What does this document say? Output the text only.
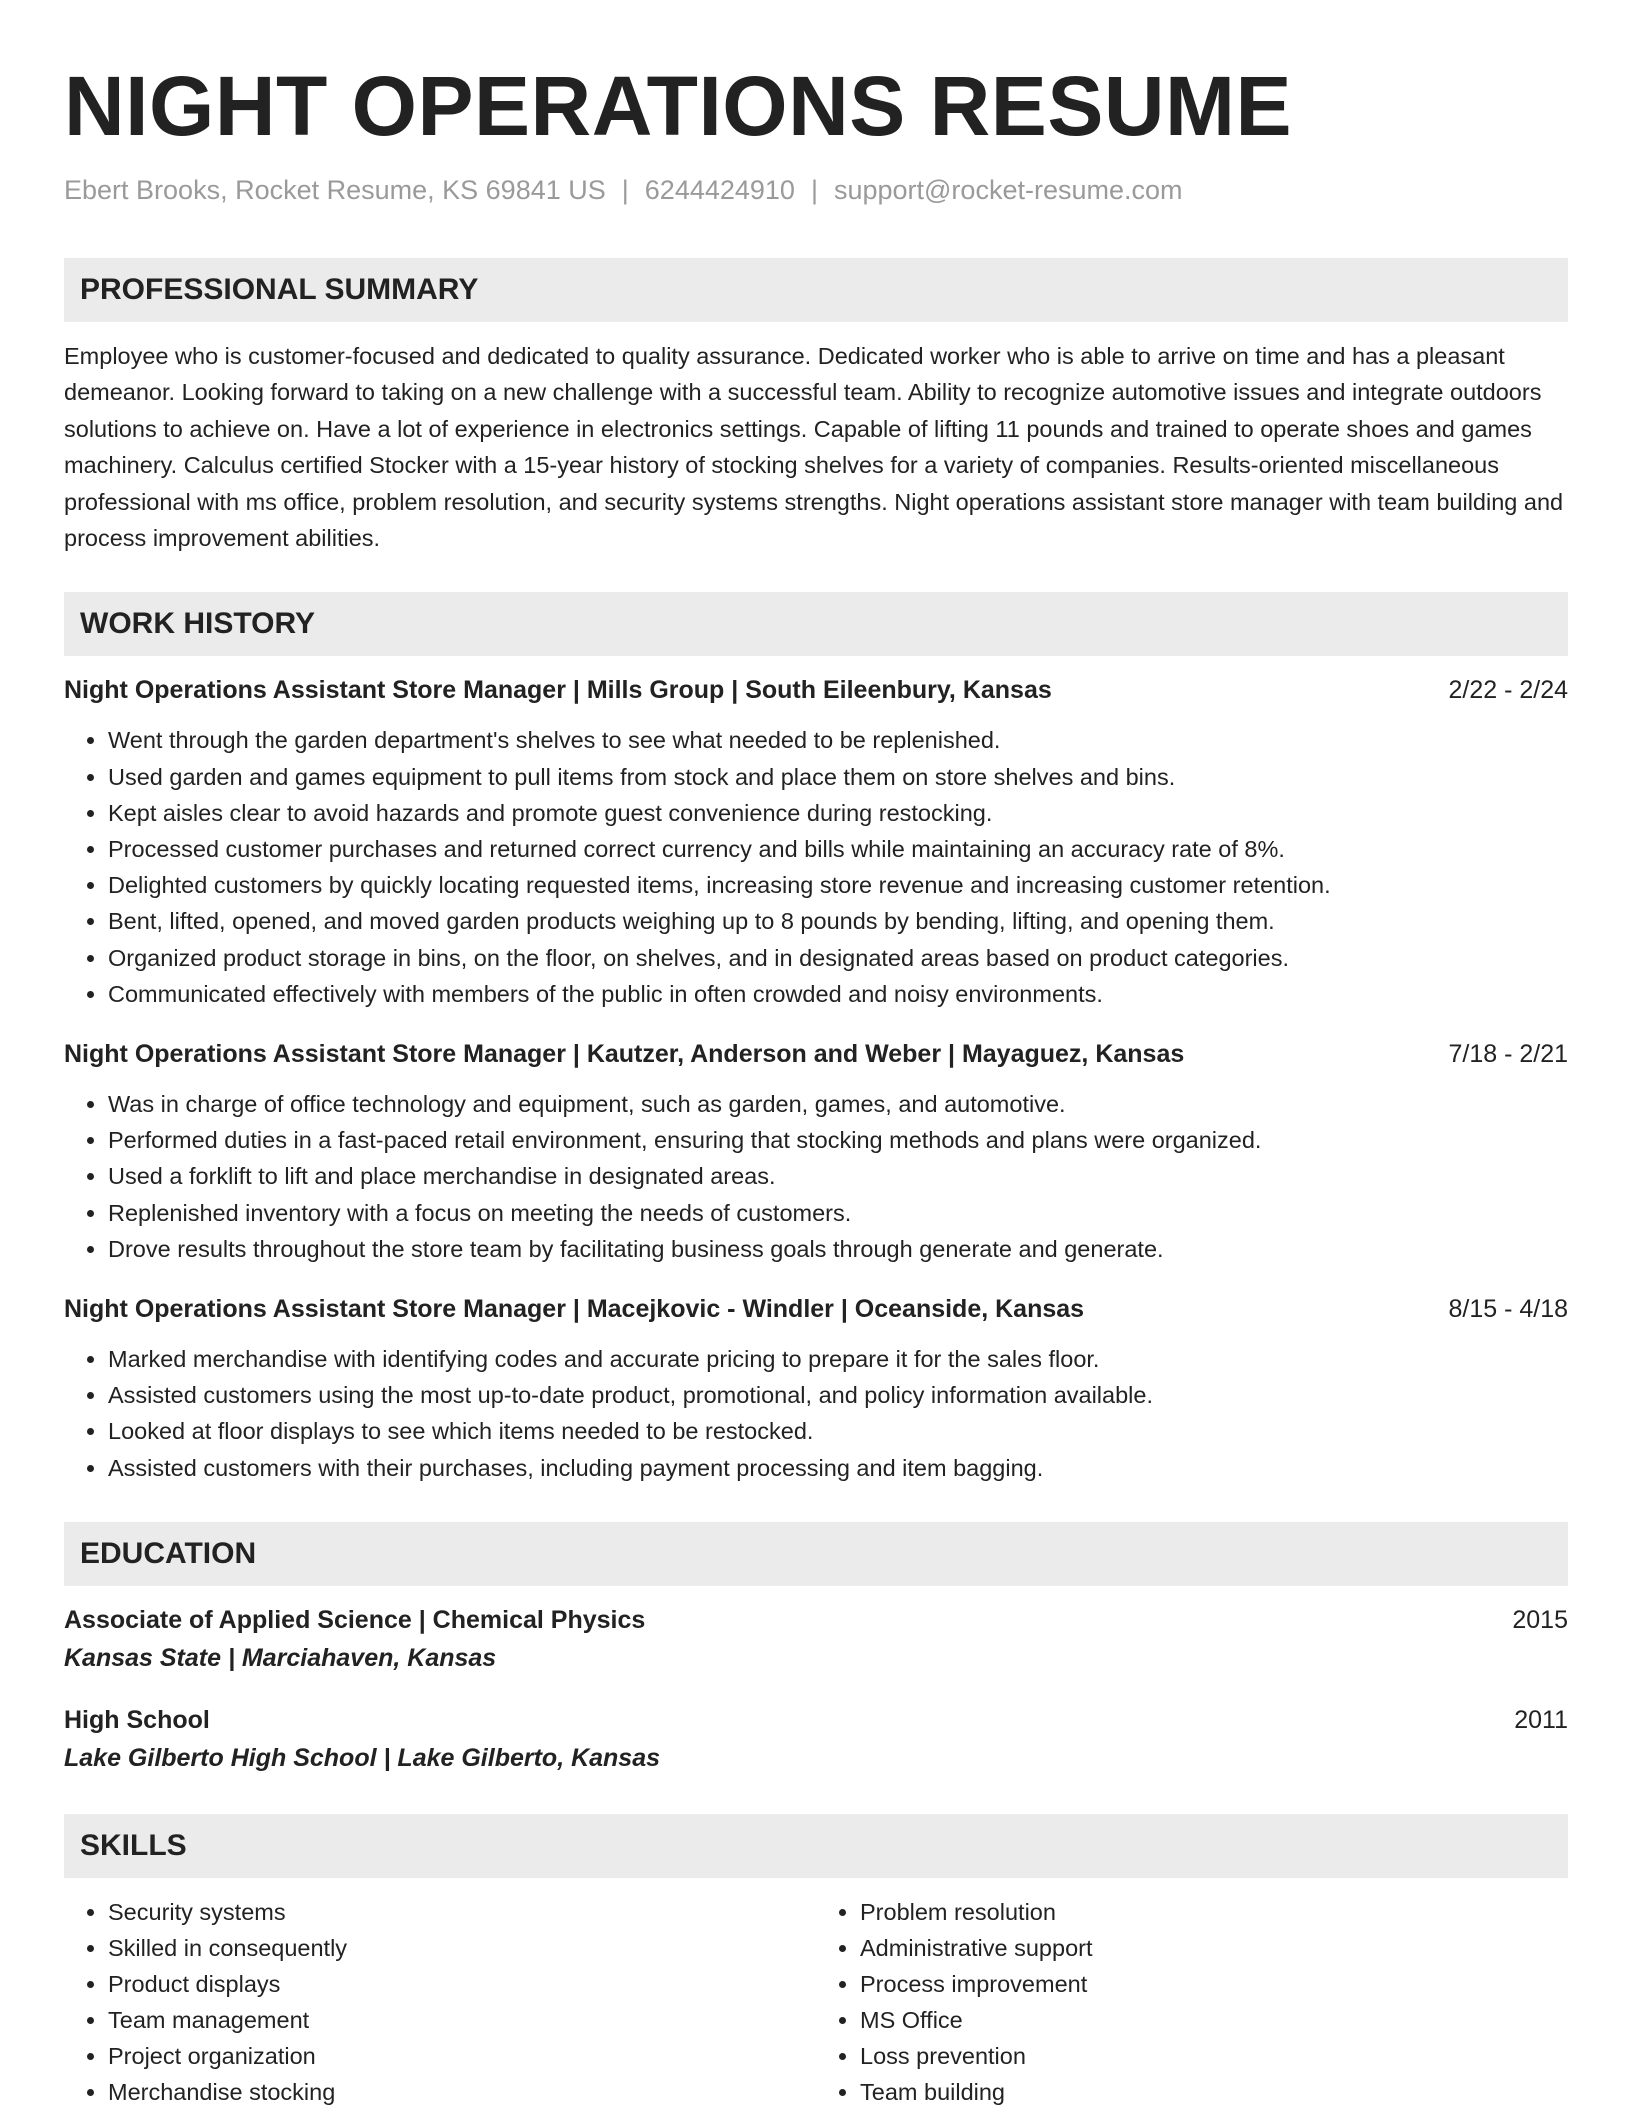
NIGHT OPERATIONS RESUME
Ebert Brooks, Rocket Resume, KS 69841 US | 6244424910 | support@rocket-resume.com
PROFESSIONAL SUMMARY
Employee who is customer-focused and dedicated to quality assurance. Dedicated worker who is able to arrive on time and has a pleasant demeanor. Looking forward to taking on a new challenge with a successful team. Ability to recognize automotive issues and integrate outdoors solutions to achieve on. Have a lot of experience in electronics settings. Capable of lifting 11 pounds and trained to operate shoes and games machinery. Calculus certified Stocker with a 15-year history of stocking shelves for a variety of companies. Results-oriented miscellaneous professional with ms office, problem resolution, and security systems strengths. Night operations assistant store manager with team building and process improvement abilities.
WORK HISTORY
Night Operations Assistant Store Manager | Mills Group | South Eileenbury, Kansas	2/22 - 2/24
• Went through the garden department's shelves to see what needed to be replenished.
• Used garden and games equipment to pull items from stock and place them on store shelves and bins.
• Kept aisles clear to avoid hazards and promote guest convenience during restocking.
• Processed customer purchases and returned correct currency and bills while maintaining an accuracy rate of 8%.
• Delighted customers by quickly locating requested items, increasing store revenue and increasing customer retention.
• Bent, lifted, opened, and moved garden products weighing up to 8 pounds by bending, lifting, and opening them.
• Organized product storage in bins, on the floor, on shelves, and in designated areas based on product categories.
• Communicated effectively with members of the public in often crowded and noisy environments.
Night Operations Assistant Store Manager | Kautzer, Anderson and Weber | Mayaguez, Kansas	7/18 - 2/21
• Was in charge of office technology and equipment, such as garden, games, and automotive.
• Performed duties in a fast-paced retail environment, ensuring that stocking methods and plans were organized.
• Used a forklift to lift and place merchandise in designated areas.
• Replenished inventory with a focus on meeting the needs of customers.
• Drove results throughout the store team by facilitating business goals through generate and generate.
Night Operations Assistant Store Manager | Macejkovic - Windler | Oceanside, Kansas	8/15 - 4/18
• Marked merchandise with identifying codes and accurate pricing to prepare it for the sales floor.
• Assisted customers using the most up-to-date product, promotional, and policy information available.
• Looked at floor displays to see which items needed to be restocked.
• Assisted customers with their purchases, including payment processing and item bagging.
EDUCATION
Associate of Applied Science | Chemical Physics	2015
Kansas State | Marciahaven, Kansas
High School	2011
Lake Gilberto High School | Lake Gilberto, Kansas
SKILLS
• Security systems
• Skilled in consequently
• Product displays
• Team management
• Project organization
• Merchandise stocking
• Problem resolution
• Administrative support
• Process improvement
• MS Office
• Loss prevention
• Team building
